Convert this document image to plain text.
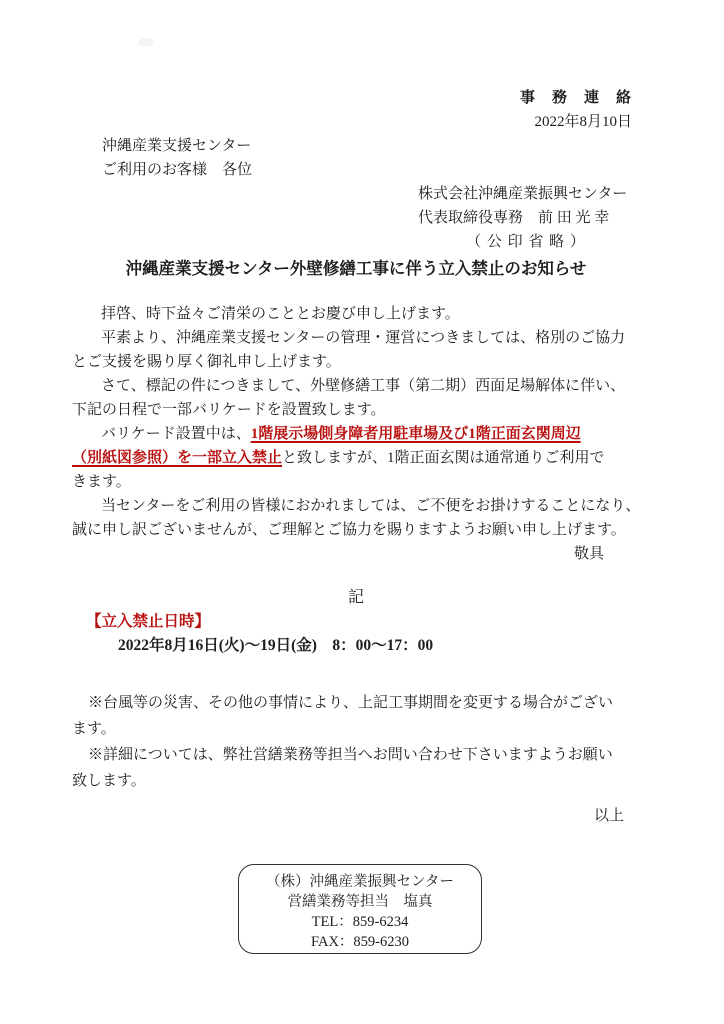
事　務　連　絡
2022年8月10日
沖縄産業支援センター
ご利用のお客様　各位
株式会社沖縄産業振興センター
代表取締役専務　前 田 光 幸
（ 公 印 省 略 ）
沖縄産業支援センター外壁修繕工事に伴う立入禁止のお知らせ
拝啓、時下益々ご清栄のこととお慶び申し上げます。
平素より、沖縄産業支援センターの管理・運営につきましては、格別のご協力
とご支援を賜り厚く御礼申し上げます。
さて、標記の件につきまして、外壁修繕工事（第二期）西面足場解体に伴い、
下記の日程で一部バリケードを設置致します。
バリケード設置中は、1階展示場側身障者用駐車場及び1階正面玄関周辺
（別紙図参照）を一部立入禁止と致しますが、1階正面玄関は通常通りご利用で
きます。
当センターをご利用の皆様におかれましては、ご不便をお掛けすることになり、
誠に申し訳ございませんが、ご理解とご協力を賜りますようお願い申し上げます。
敬具
記
【立入禁止日時】
2022年8月16日(火)～19日(金)　8：00～17：00
※台風等の災害、その他の事情により、上記工事期間を変更する場合がござい
ます。
※詳細については、弊社営繕業務等担当へお問い合わせ下さいますようお願い
致します。
以上
（株）沖縄産業振興センター
営繕業務等担当　塩真
TEL：859-6234
FAX：859-6230
